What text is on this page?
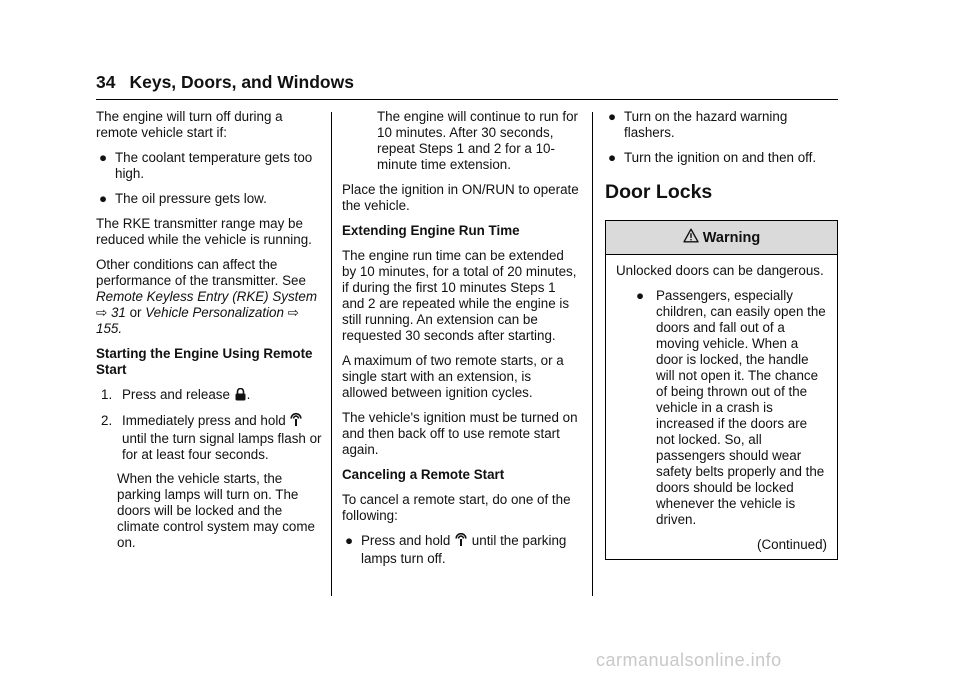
34 Keys, Doors, and Windows

The engine will turn off during a remote vehicle start if:

● The coolant temperature gets too high.
● The oil pressure gets low.

The RKE transmitter range may be reduced while the vehicle is running.

Other conditions can affect the performance of the transmitter. See Remote Keyless Entry (RKE) System ⇨ 31 or Vehicle Personalization ⇨ 155.

Starting the Engine Using Remote Start

1. Press and release .
2. Immediately press and hold
until the turn signal lamps flash or for at least four seconds.

When the vehicle starts, the parking lamps will turn on. The doors will be locked and the climate control system may come on.

The engine will continue to run for 10 minutes. After 30 seconds, repeat Steps 1 and 2 for a 10-minute time extension.

Place the ignition in ON/RUN to operate the vehicle.

Extending Engine Run Time

The engine run time can be extended by 10 minutes, for a total of 20 minutes, if during the first 10 minutes Steps 1 and 2 are repeated while the engine is still running. An extension can be requested 30 seconds after starting.

A maximum of two remote starts, or a single start with an extension, is allowed between ignition cycles.

The vehicle's ignition must be turned on and then back off to use remote start again.

Canceling a Remote Start

To cancel a remote start, do one of the following:

● Press and hold until the parking lamps turn off.
● Turn on the hazard warning flashers.
● Turn the ignition on and then off.
Door Locks
Warning

Unlocked doors can be dangerous.

● Passengers, especially children, can easily open the doors and fall out of a moving vehicle. When a door is locked, the handle will not open it. The chance of being thrown out of the vehicle in a crash is increased if the doors are not locked. So, all passengers should wear safety belts properly and the doors should be locked whenever the vehicle is driven.
(Continued)
carmanualsonline.info
